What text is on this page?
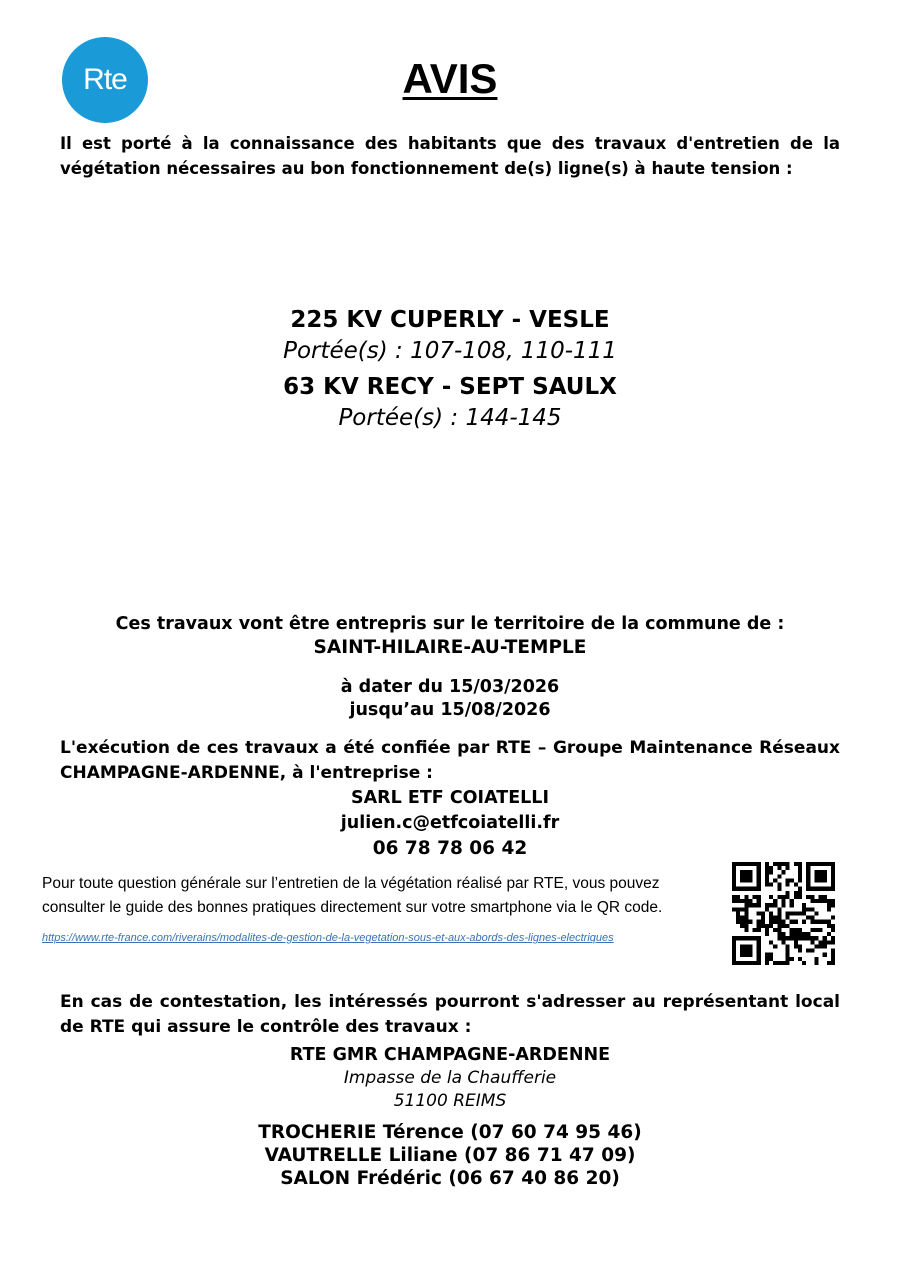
Rte	AVIS
Il est porté à la connaissance des habitants que des travaux d'entretien de la végétation nécessaires au bon fonctionnement de(s) ligne(s) à haute tension :
225 KV CUPERLY - VESLE
Portée(s) : 107-108, 110-111
63 KV RECY - SEPT SAULX
Portée(s) : 144-145
Ces travaux vont être entrepris sur le territoire de la commune de :
SAINT-HILAIRE-AU-TEMPLE
à dater du 15/03/2026
jusqu’au 15/08/2026
L'exécution de ces travaux a été confiée par RTE – Groupe Maintenance Réseaux CHAMPAGNE-ARDENNE, à l'entreprise :
SARL ETF COIATELLI
julien.c@etfcoiatelli.fr
06 78 78 06 42
Pour toute question générale sur l’entretien de la végétation réalisé par RTE, vous pouvez consulter le guide des bonnes pratiques directement sur votre smartphone via le QR code.
https://www.rte-france.com/riverains/modalites-de-gestion-de-la-vegetation-sous-et-aux-abords-des-lignes-electriques
En cas de contestation, les intéressés pourront s'adresser au représentant local de RTE qui assure le contrôle des travaux :
RTE GMR CHAMPAGNE-ARDENNE
Impasse de la Chaufferie
51100 REIMS
TROCHERIE Térence (07 60 74 95 46)
VAUTRELLE Liliane (07 86 71 47 09)
SALON Frédéric (06 67 40 86 20)
